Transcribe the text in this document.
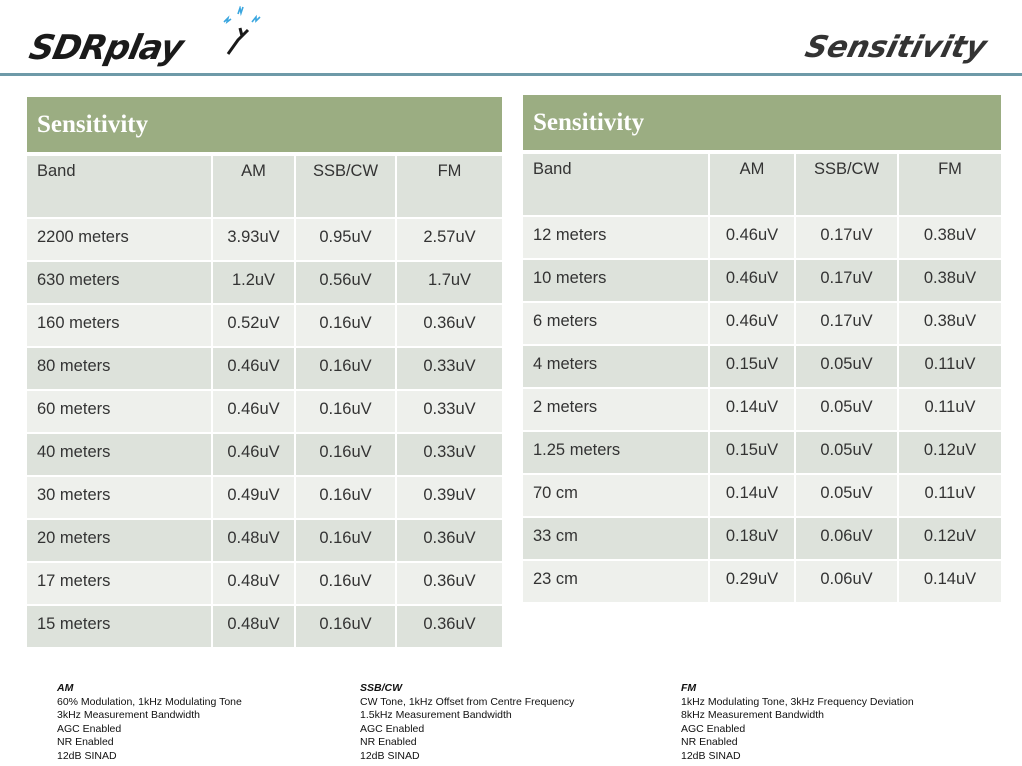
SDRplay	Sensitivity
Sensitivity
Band	AM	SSB/CW	FM
2200 meters	3.93uV	0.95uV	2.57uV
630 meters	1.2uV	0.56uV	1.7uV
160 meters	0.52uV	0.16uV	0.36uV
80 meters	0.46uV	0.16uV	0.33uV
60 meters	0.46uV	0.16uV	0.33uV
40 meters	0.46uV	0.16uV	0.33uV
30 meters	0.49uV	0.16uV	0.39uV
20 meters	0.48uV	0.16uV	0.36uV
17 meters	0.48uV	0.16uV	0.36uV
15 meters	0.48uV	0.16uV	0.36uV
Sensitivity
Band	AM	SSB/CW	FM
12 meters	0.46uV	0.17uV	0.38uV
10 meters	0.46uV	0.17uV	0.38uV
6 meters	0.46uV	0.17uV	0.38uV
4 meters	0.15uV	0.05uV	0.11uV
2 meters	0.14uV	0.05uV	0.11uV
1.25 meters	0.15uV	0.05uV	0.12uV
70 cm	0.14uV	0.05uV	0.11uV
33 cm	0.18uV	0.06uV	0.12uV
23 cm	0.29uV	0.06uV	0.14uV
AM
60% Modulation, 1kHz Modulating Tone
3kHz Measurement Bandwidth
AGC Enabled
NR Enabled
12dB SINAD
SSB/CW
CW Tone, 1kHz Offset from Centre Frequency
1.5kHz Measurement Bandwidth
AGC Enabled
NR Enabled
12dB SINAD
FM
1kHz Modulating Tone, 3kHz Frequency Deviation
8kHz Measurement Bandwidth
AGC Enabled
NR Enabled
12dB SINAD
